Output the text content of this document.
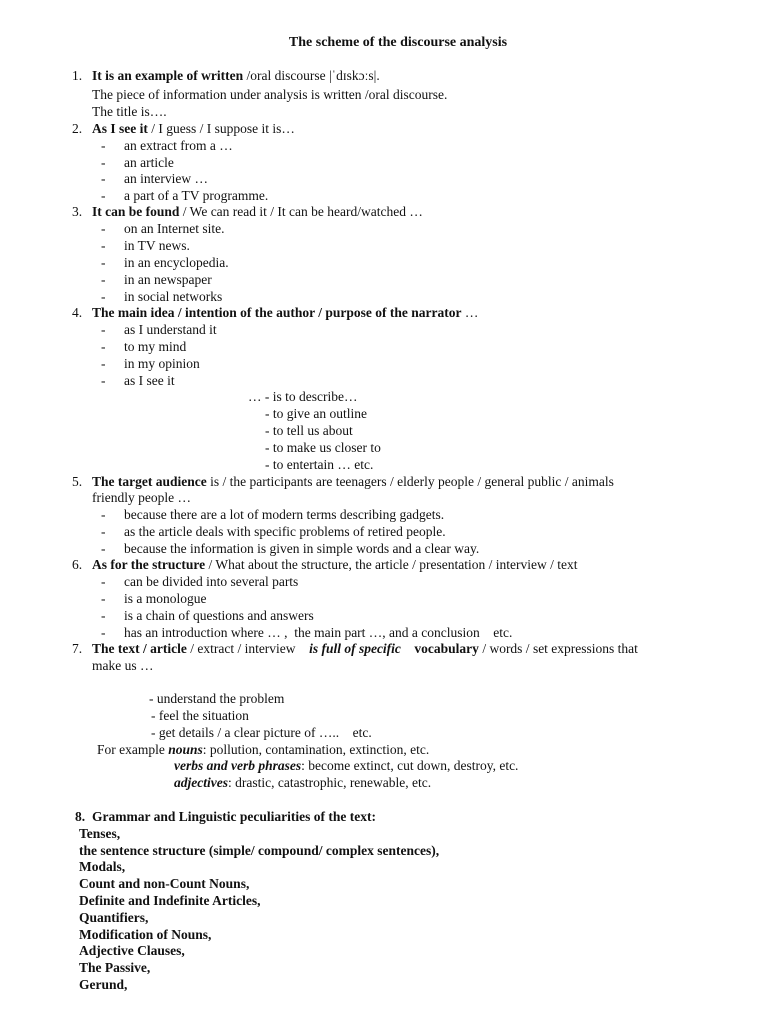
The scheme of the discourse analysis
1. It is an example of written /oral discourse |ˈdɪskɔːs|.
The piece of information under analysis is written /oral discourse.
The title is….
2. As I see it / I guess / I suppose it is…
- an extract from a …
- an article
- an interview …
- a part of a TV programme.
3. It can be found / We can read it / It can be heard/watched …
- on an Internet site.
- in TV news.
- in an encyclopedia.
- in an newspaper
- in social networks
4. The main idea / intention of the author / purpose of the narrator …
- as I understand it
- to my mind
- in my opinion
- as I see it
… - is to describe…
- to give an outline
- to tell us about
- to make us closer to
- to entertain … etc.
5. The target audience is / the participants are teenagers / elderly people / general public / animals
friendly people …
- because there are a lot of modern terms describing gadgets.
- as the article deals with specific problems of retired people.
- because the information is given in simple words and a clear way.
6. As for the structure / What about the structure, the article / presentation / interview / text
- can be divided into several parts
- is a monologue
- is a chain of questions and answers
- has an introduction where … ,  the main part …, and a conclusion    etc.
7. The text / article / extract / interview    is full of specific vocabulary / words / set expressions that
make us …
- understand the problem
- feel the situation
- get details / a clear picture of …..    etc.
For example nouns: pollution, contamination, extinction, etc.
verbs and verb phrases: become extinct, cut down, destroy, etc.
adjectives: drastic, catastrophic, renewable, etc.
8. Grammar and Linguistic peculiarities of the text:
Tenses,
the sentence structure (simple/ compound/ complex sentences),
Modals,
Count and non-Count Nouns,
Definite and Indefinite Articles,
Quantifiers,
Modification of Nouns,
Adjective Clauses,
The Passive,
Gerund,
